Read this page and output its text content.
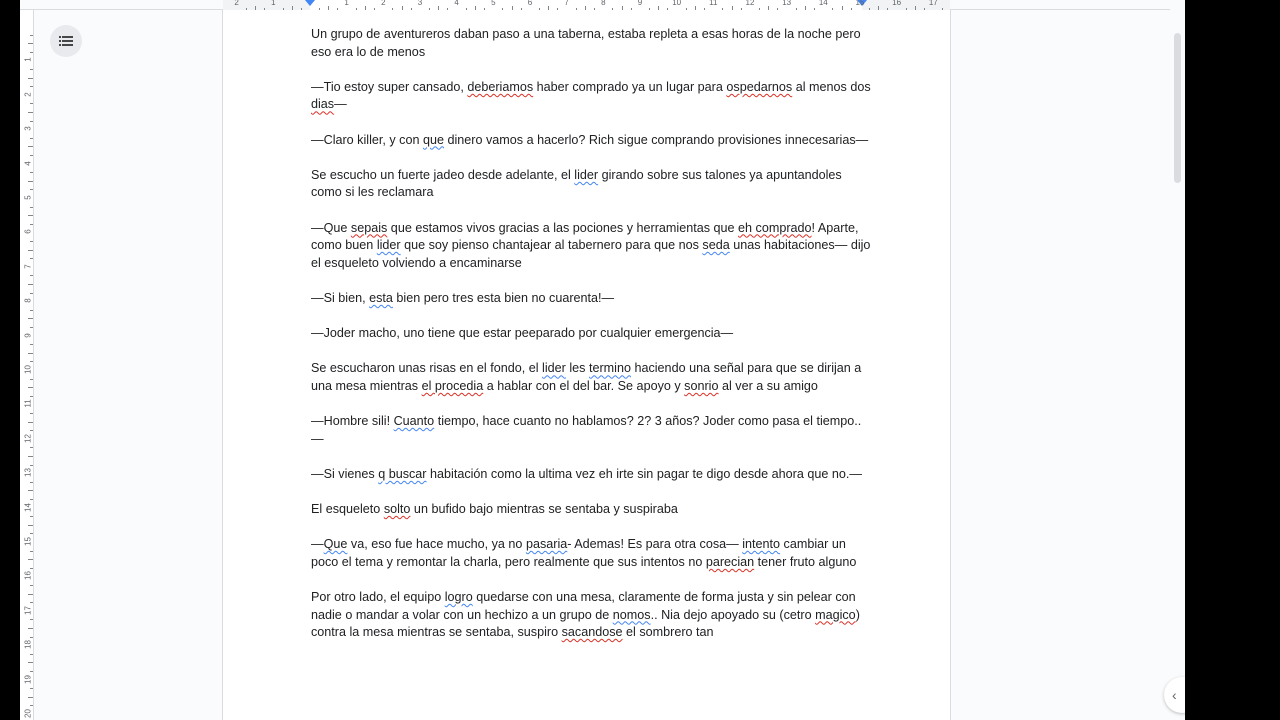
2	1	1	2	3	4	5	6	7	8	9	10	11	12	13	14	15	16	17
1
2
3
4
5
6
7
8
9
10
11
12
13
14
15
16
17
18
19
20

Un grupo de aventureros daban paso a una taberna, estaba repleta a esas horas de la noche pero eso era lo de menos

—Tio estoy super cansado, deberiamos haber comprado ya un lugar para ospedarnos al menos dos dias—

—Claro killer, y con que dinero vamos a hacerlo? Rich sigue comprando provisiones innecesarias—

Se escucho un fuerte jadeo desde adelante, el lider girando sobre sus talones ya apuntandoles como si les reclamara

—Que sepais que estamos vivos gracias a las pociones y herramientas que eh comprado! Aparte, como buen lider que soy pienso chantajear al tabernero para que nos seda unas habitaciones— dijo el esqueleto volviendo a encaminarse

—Si bien, esta bien pero tres esta bien no cuarenta!—

—Joder macho, uno tiene que estar peeparado por cualquier emergencia—

Se escucharon unas risas en el fondo, el lider les termino haciendo una señal para que se dirijan a una mesa mientras el procedia a hablar con el del bar. Se apoyo y sonrio al ver a su amigo

—Hombre sili! Cuanto tiempo, hace cuanto no hablamos? 2? 3 años? Joder como pasa el tiempo..—

—Si vienes q buscar habitación como la ultima vez eh irte sin pagar te digo desde ahora que no.—

El esqueleto solto un bufido bajo mientras se sentaba y suspiraba

—Que va, eso fue hace mucho, ya no pasaria- Ademas! Es para otra cosa— intento cambiar un poco el tema y remontar la charla, pero realmente que sus intentos no parecian tener fruto alguno

Por otro lado, el equipo logro quedarse con una mesa, claramente de forma justa y sin pelear con nadie o mandar a volar con un hechizo a un grupo de nomos.. Nia dejo apoyado su (cetro magico) contra la mesa mientras se sentaba, suspiro sacandose el sombrero tan

‹
